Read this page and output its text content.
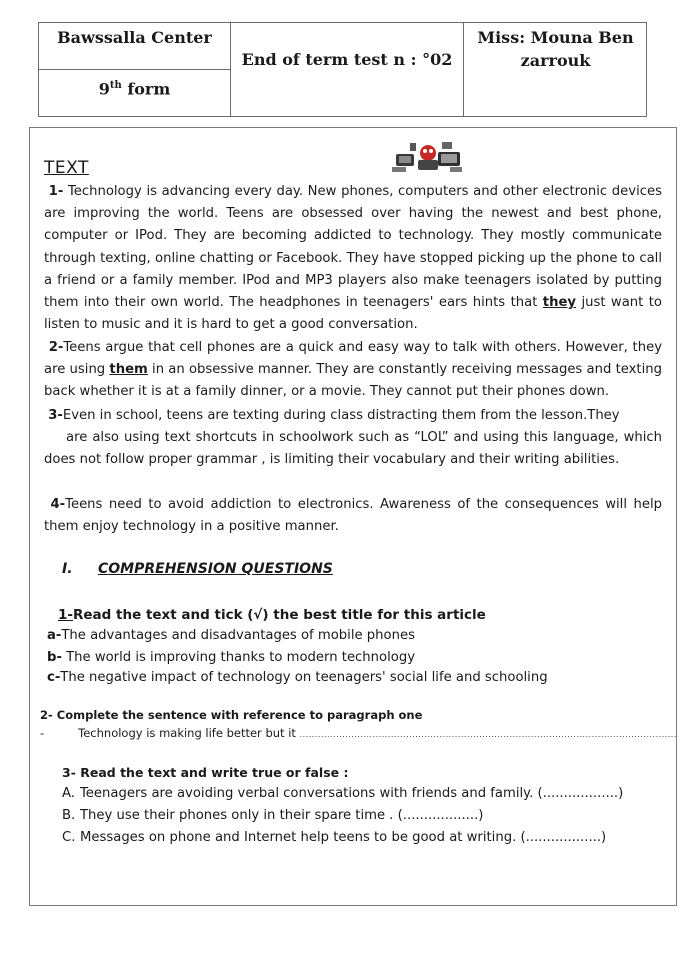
Bawssalla Center
9th form
End of term test n : °02
Miss: Mouna Ben
zarrouk
TEXT
1- Technology is advancing every day. New phones, computers and other electronic devices are improving the world. Teens are obsessed over having the newest and best phone, computer or IPod. They are becoming addicted to technology. They mostly communicate through texting, online chatting or Facebook. They have stopped picking up the phone to call a friend or a family member. IPod and MP3 players also make teenagers isolated by putting them into their own world. The headphones in teenagers' ears hints that they just want to listen to music and it is hard to get a good conversation.
2-Teens argue that cell phones are a quick and easy way to talk with others. However, they are using them in an obsessive manner. They are constantly receiving messages and texting back whether it is at a family dinner, or a movie. They cannot put their phones down.
3-Even in school, teens are texting during class distracting them from the lesson.They
are also using text shortcuts in schoolwork such as “LOL” and using this language, which does not follow proper grammar , is limiting their vocabulary and their writing abilities.
4-Teens need to avoid addiction to electronics. Awareness of the consequences will help them enjoy technology in a positive manner.
I. COMPREHENSION QUESTIONS
1-Read the text and tick (√) the best title for this article
a-The advantages and disadvantages of mobile phones
b- The world is improving thanks to modern technology
c-The negative impact of technology on teenagers' social life and schooling
2- Complete the sentence with reference to paragraph one
-	Technology is making life better but it ............................................................................................................................
3- Read the text and write true or false :
A. Teenagers are avoiding verbal conversations with friends and family. (..................)
B. They use their phones only in their spare time . (..................)
C. Messages on phone and Internet help teens to be good at writing. (..................)
